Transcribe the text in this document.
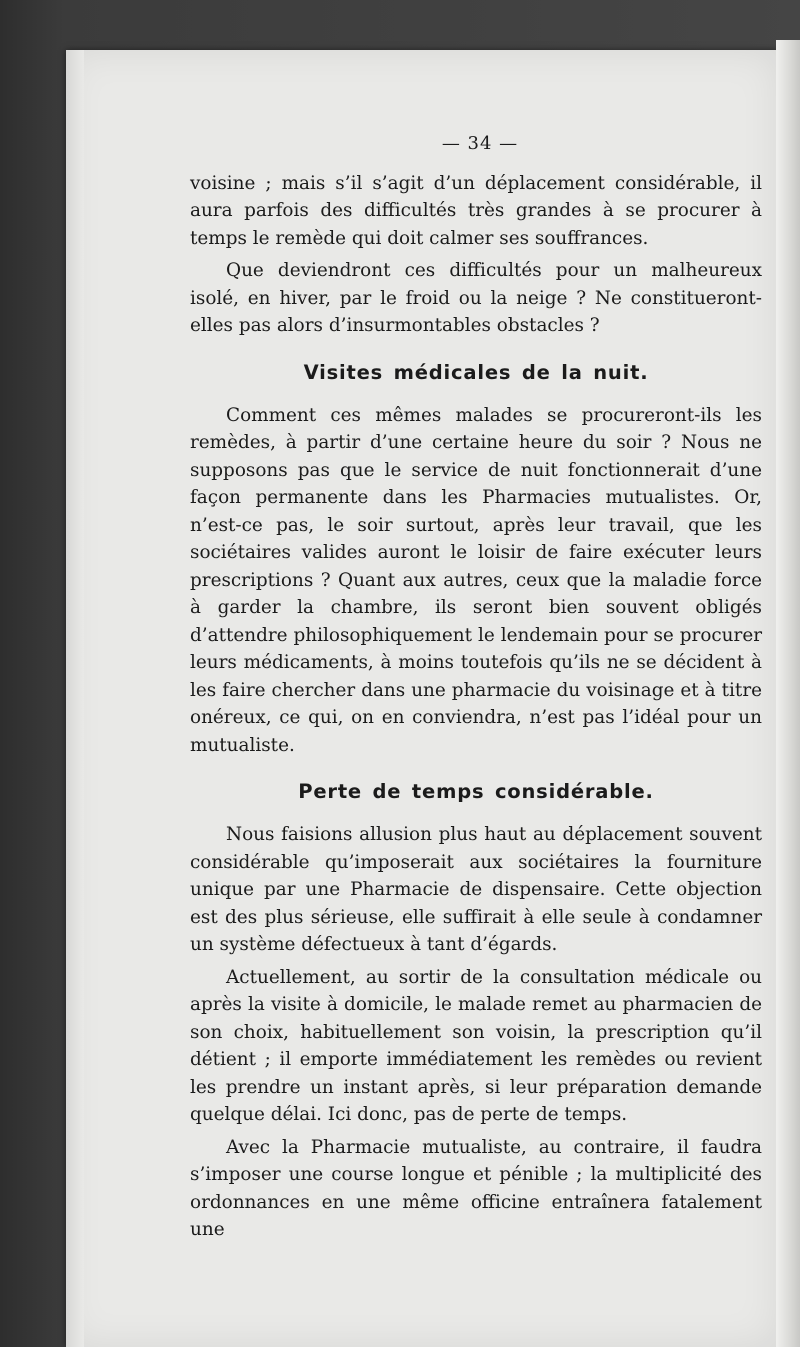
— 34 —

voisine ; mais s’il s’agit d’un déplacement considérable, il aura parfois des difficultés très grandes à se procurer à temps le remède qui doit calmer ses souffrances.

Que deviendront ces difficultés pour un malheureux isolé, en hiver, par le froid ou la neige ? Ne constitueront-elles pas alors d’insurmontables obstacles ?

Visites médicales de la nuit.

Comment ces mêmes malades se procureront-ils les remèdes, à partir d’une certaine heure du soir ? Nous ne supposons pas que le service de nuit fonctionnerait d’une façon permanente dans les Pharmacies mutualistes. Or, n’est-ce pas, le soir surtout, après leur travail, que les sociétaires valides auront le loisir de faire exécuter leurs prescriptions ? Quant aux autres, ceux que la maladie force à garder la chambre, ils seront bien souvent obligés d’attendre philosophiquement le lendemain pour se procurer leurs médicaments, à moins toutefois qu’ils ne se décident à les faire chercher dans une pharmacie du voisinage et à titre onéreux, ce qui, on en conviendra, n’est pas l’idéal pour un mutualiste.

Perte de temps considérable.

Nous faisions allusion plus haut au déplacement souvent considérable qu’imposerait aux sociétaires la fourniture unique par une Pharmacie de dispensaire. Cette objection est des plus sérieuse, elle suffirait à elle seule à condamner un système défectueux à tant d’égards.

Actuellement, au sortir de la consultation médicale ou après la visite à domicile, le malade remet au pharmacien de son choix, habituellement son voisin, la prescription qu’il détient ; il emporte immédiatement les remèdes ou revient les prendre un instant après, si leur préparation demande quelque délai. Ici donc, pas de perte de temps.

Avec la Pharmacie mutualiste, au contraire, il faudra s’imposer une course longue et pénible ; la multiplicité des ordonnances en une même officine entraînera fatalement une
